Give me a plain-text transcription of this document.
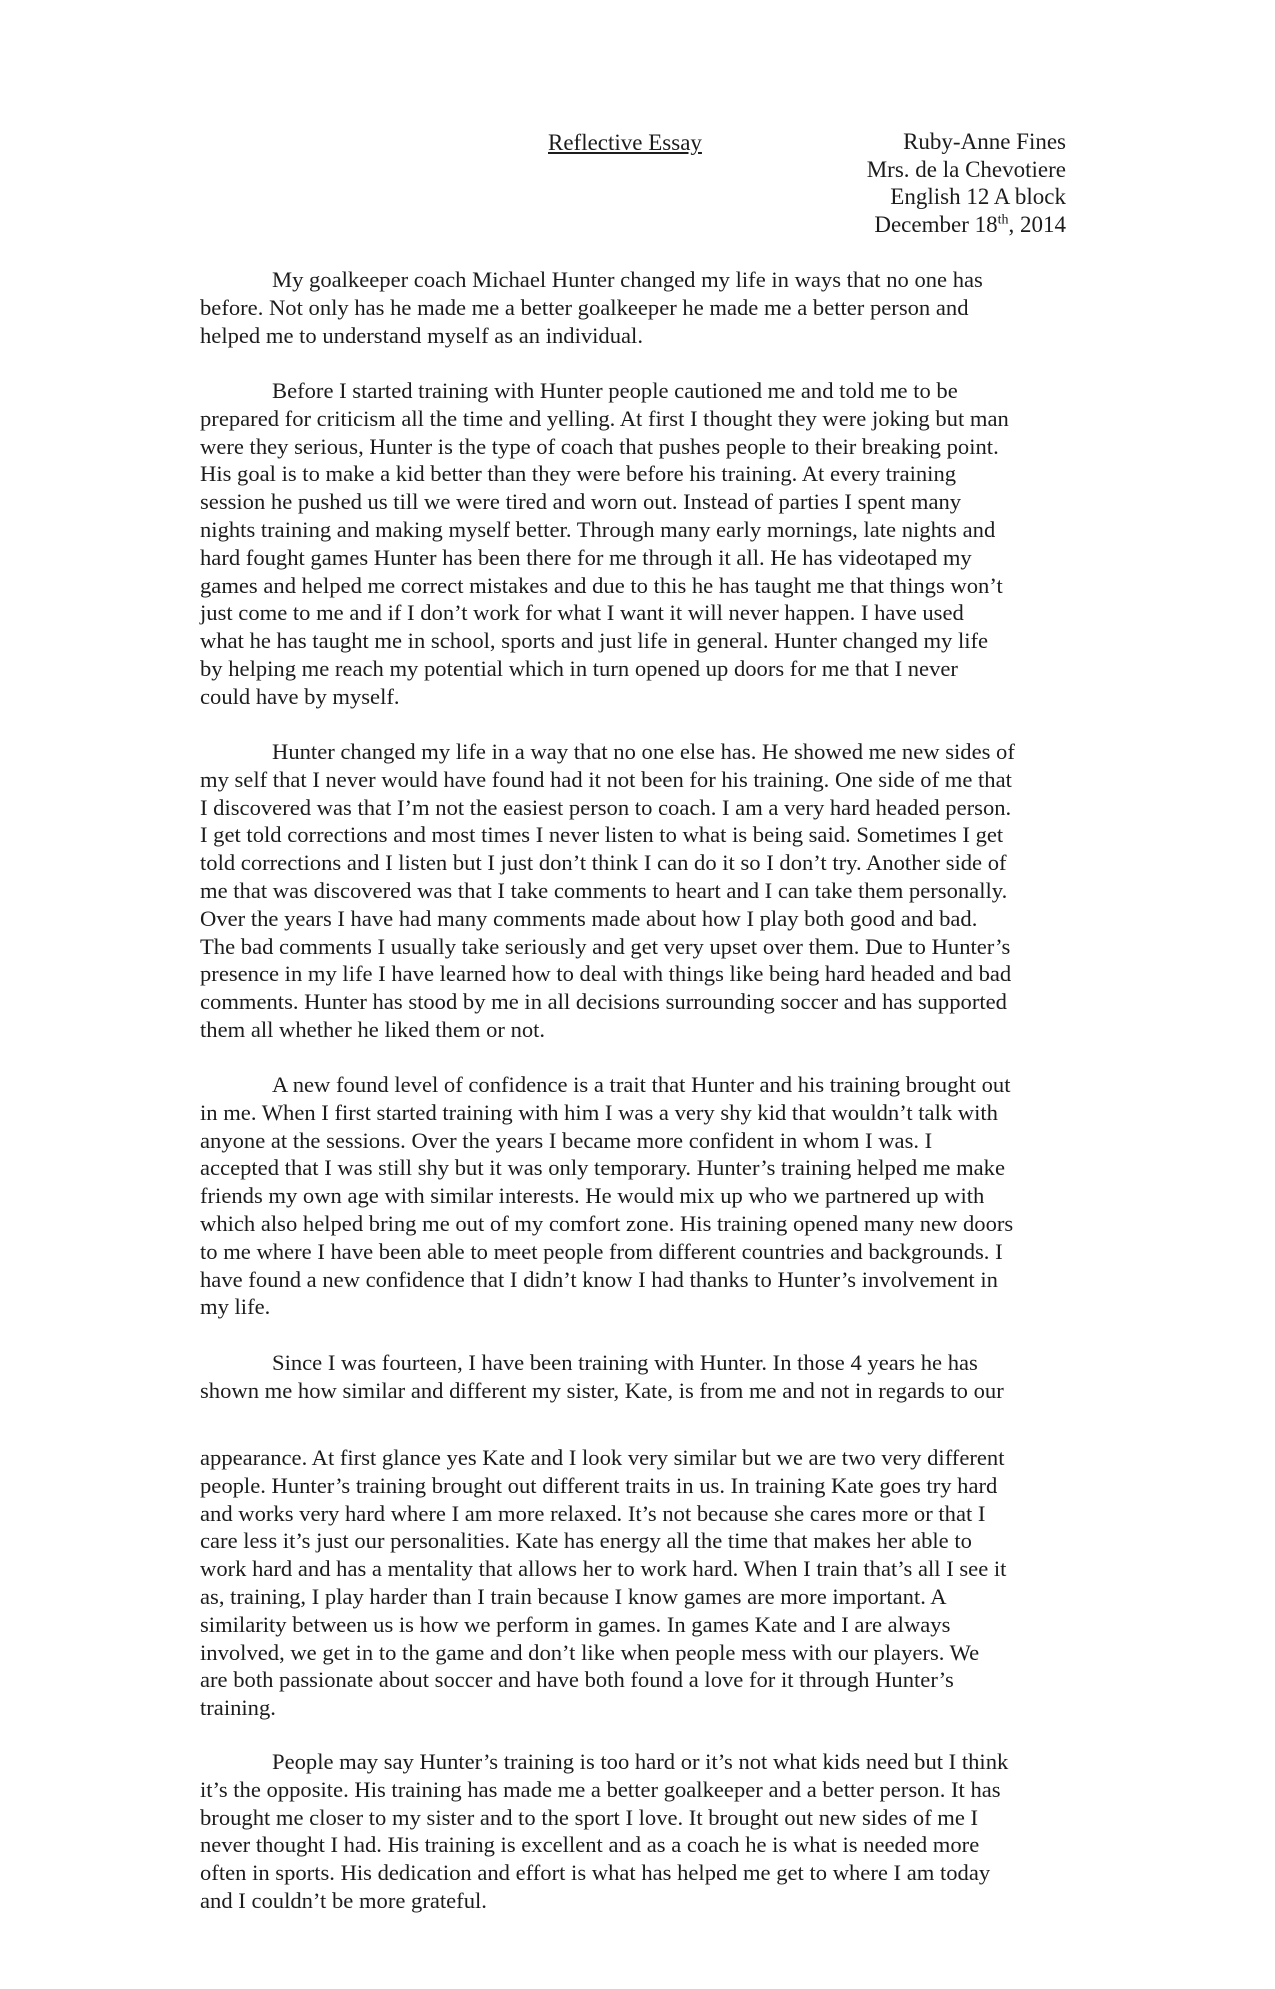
Reflective Essay	Ruby-Anne Fines
Mrs. de la Chevotiere
English 12 A block
December 18th, 2014
My goalkeeper coach Michael Hunter changed my life in ways that no one has
before. Not only has he made me a better goalkeeper he made me a better person and
helped me to understand myself as an individual.
Before I started training with Hunter people cautioned me and told me to be
prepared for criticism all the time and yelling. At first I thought they were joking but man
were they serious, Hunter is the type of coach that pushes people to their breaking point.
His goal is to make a kid better than they were before his training. At every training
session he pushed us till we were tired and worn out. Instead of parties I spent many
nights training and making myself better. Through many early mornings, late nights and
hard fought games Hunter has been there for me through it all. He has videotaped my
games and helped me correct mistakes and due to this he has taught me that things won’t
just come to me and if I don’t work for what I want it will never happen. I have used
what he has taught me in school, sports and just life in general. Hunter changed my life
by helping me reach my potential which in turn opened up doors for me that I never
could have by myself.
Hunter changed my life in a way that no one else has. He showed me new sides of
my self that I never would have found had it not been for his training. One side of me that
I discovered was that I’m not the easiest person to coach. I am a very hard headed person.
I get told corrections and most times I never listen to what is being said. Sometimes I get
told corrections and I listen but I just don’t think I can do it so I don’t try. Another side of
me that was discovered was that I take comments to heart and I can take them personally.
Over the years I have had many comments made about how I play both good and bad.
The bad comments I usually take seriously and get very upset over them. Due to Hunter’s
presence in my life I have learned how to deal with things like being hard headed and bad
comments. Hunter has stood by me in all decisions surrounding soccer and has supported
them all whether he liked them or not.
A new found level of confidence is a trait that Hunter and his training brought out
in me. When I first started training with him I was a very shy kid that wouldn’t talk with
anyone at the sessions. Over the years I became more confident in whom I was. I
accepted that I was still shy but it was only temporary. Hunter’s training helped me make
friends my own age with similar interests. He would mix up who we partnered up with
which also helped bring me out of my comfort zone. His training opened many new doors
to me where I have been able to meet people from different countries and backgrounds. I
have found a new confidence that I didn’t know I had thanks to Hunter’s involvement in
my life.
Since I was fourteen, I have been training with Hunter. In those 4 years he has
shown me how similar and different my sister, Kate, is from me and not in regards to our
appearance. At first glance yes Kate and I look very similar but we are two very different
people. Hunter’s training brought out different traits in us. In training Kate goes try hard
and works very hard where I am more relaxed. It’s not because she cares more or that I
care less it’s just our personalities. Kate has energy all the time that makes her able to
work hard and has a mentality that allows her to work hard. When I train that’s all I see it
as, training, I play harder than I train because I know games are more important. A
similarity between us is how we perform in games. In games Kate and I are always
involved, we get in to the game and don’t like when people mess with our players. We
are both passionate about soccer and have both found a love for it through Hunter’s
training.
People may say Hunter’s training is too hard or it’s not what kids need but I think
it’s the opposite. His training has made me a better goalkeeper and a better person. It has
brought me closer to my sister and to the sport I love. It brought out new sides of me I
never thought I had. His training is excellent and as a coach he is what is needed more
often in sports. His dedication and effort is what has helped me get to where I am today
and I couldn’t be more grateful.
